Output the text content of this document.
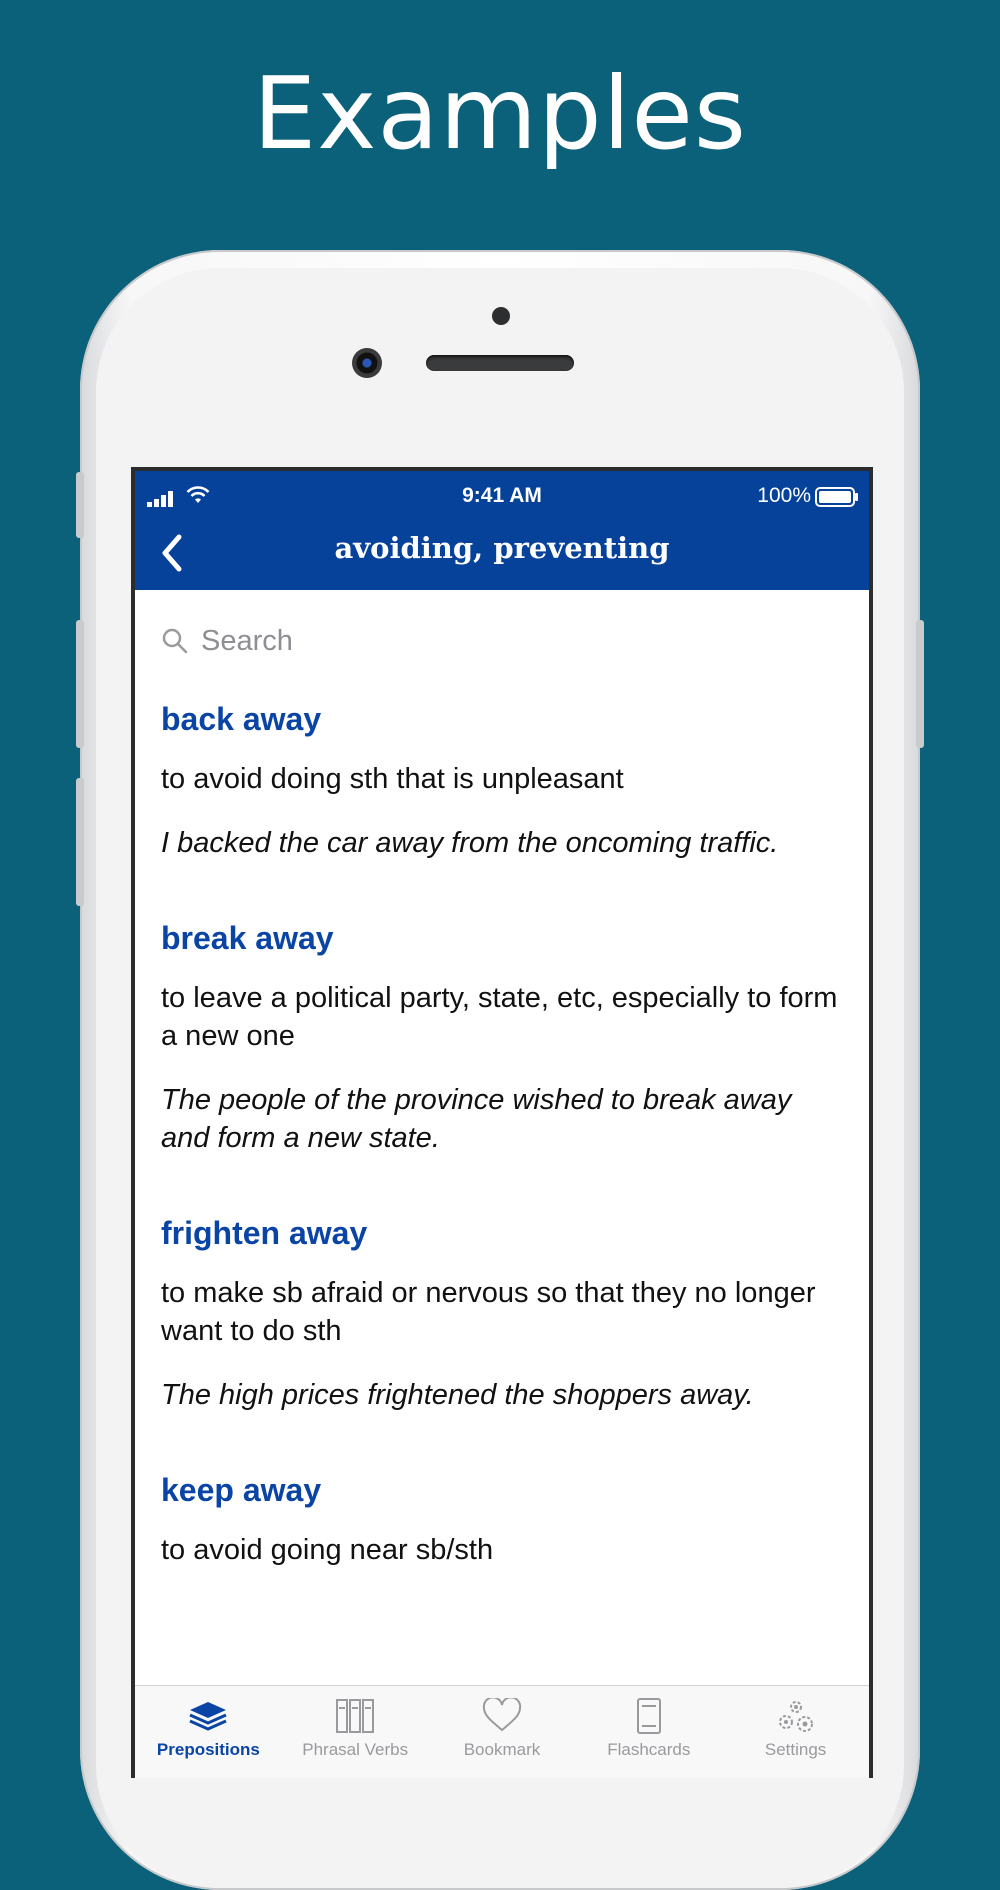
Examples
9:41 AM	100%
avoiding, preventing
Search
back away
to avoid doing sth that is unpleasant
I backed the car away from the oncoming traffic.
break away
to leave a political party, state, etc, especially to form a new one
The people of the province wished to break away and form a new state.
frighten away
to make sb afraid or nervous so that they no longer want to do sth
The high prices frightened the shoppers away.
keep away
to avoid going near sb/sth
Prepositions Phrasal Verbs	Bookmark	Flashcards	Settings
